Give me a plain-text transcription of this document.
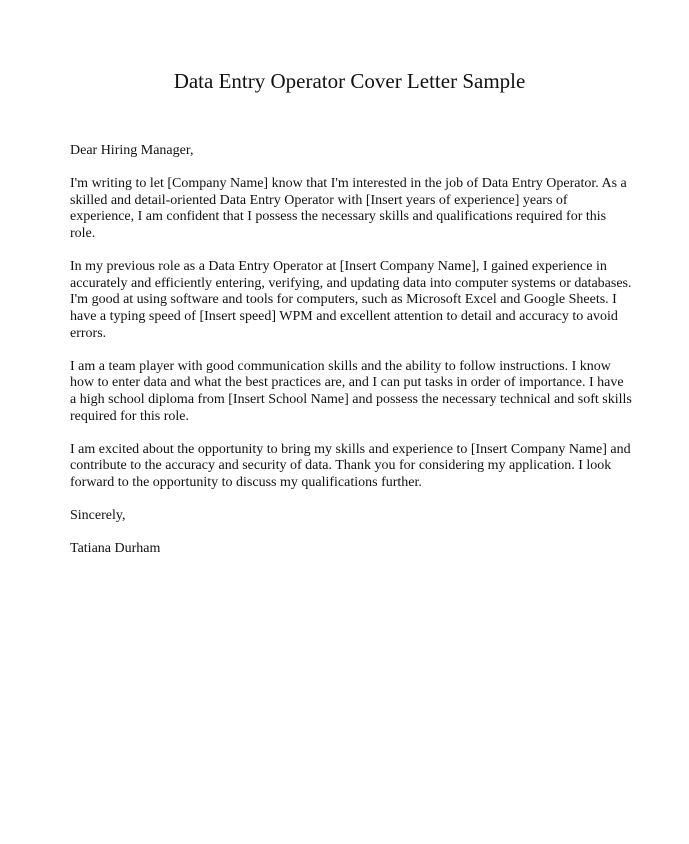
Data Entry Operator Cover Letter Sample

Dear Hiring Manager,

I'm writing to let [Company Name] know that I'm interested in the job of Data Entry Operator. As a skilled and detail-oriented Data Entry Operator with [Insert years of experience] years of experience, I am confident that I possess the necessary skills and qualifications required for this role.

In my previous role as a Data Entry Operator at [Insert Company Name], I gained experience in accurately and efficiently entering, verifying, and updating data into computer systems or databases. I'm good at using software and tools for computers, such as Microsoft Excel and Google Sheets. I have a typing speed of [Insert speed] WPM and excellent attention to detail and accuracy to avoid errors.

I am a team player with good communication skills and the ability to follow instructions. I know how to enter data and what the best practices are, and I can put tasks in order of importance. I have a high school diploma from [Insert School Name] and possess the necessary technical and soft skills required for this role.

I am excited about the opportunity to bring my skills and experience to [Insert Company Name] and contribute to the accuracy and security of data. Thank you for considering my application. I look forward to the opportunity to discuss my qualifications further.

Sincerely,

Tatiana Durham
